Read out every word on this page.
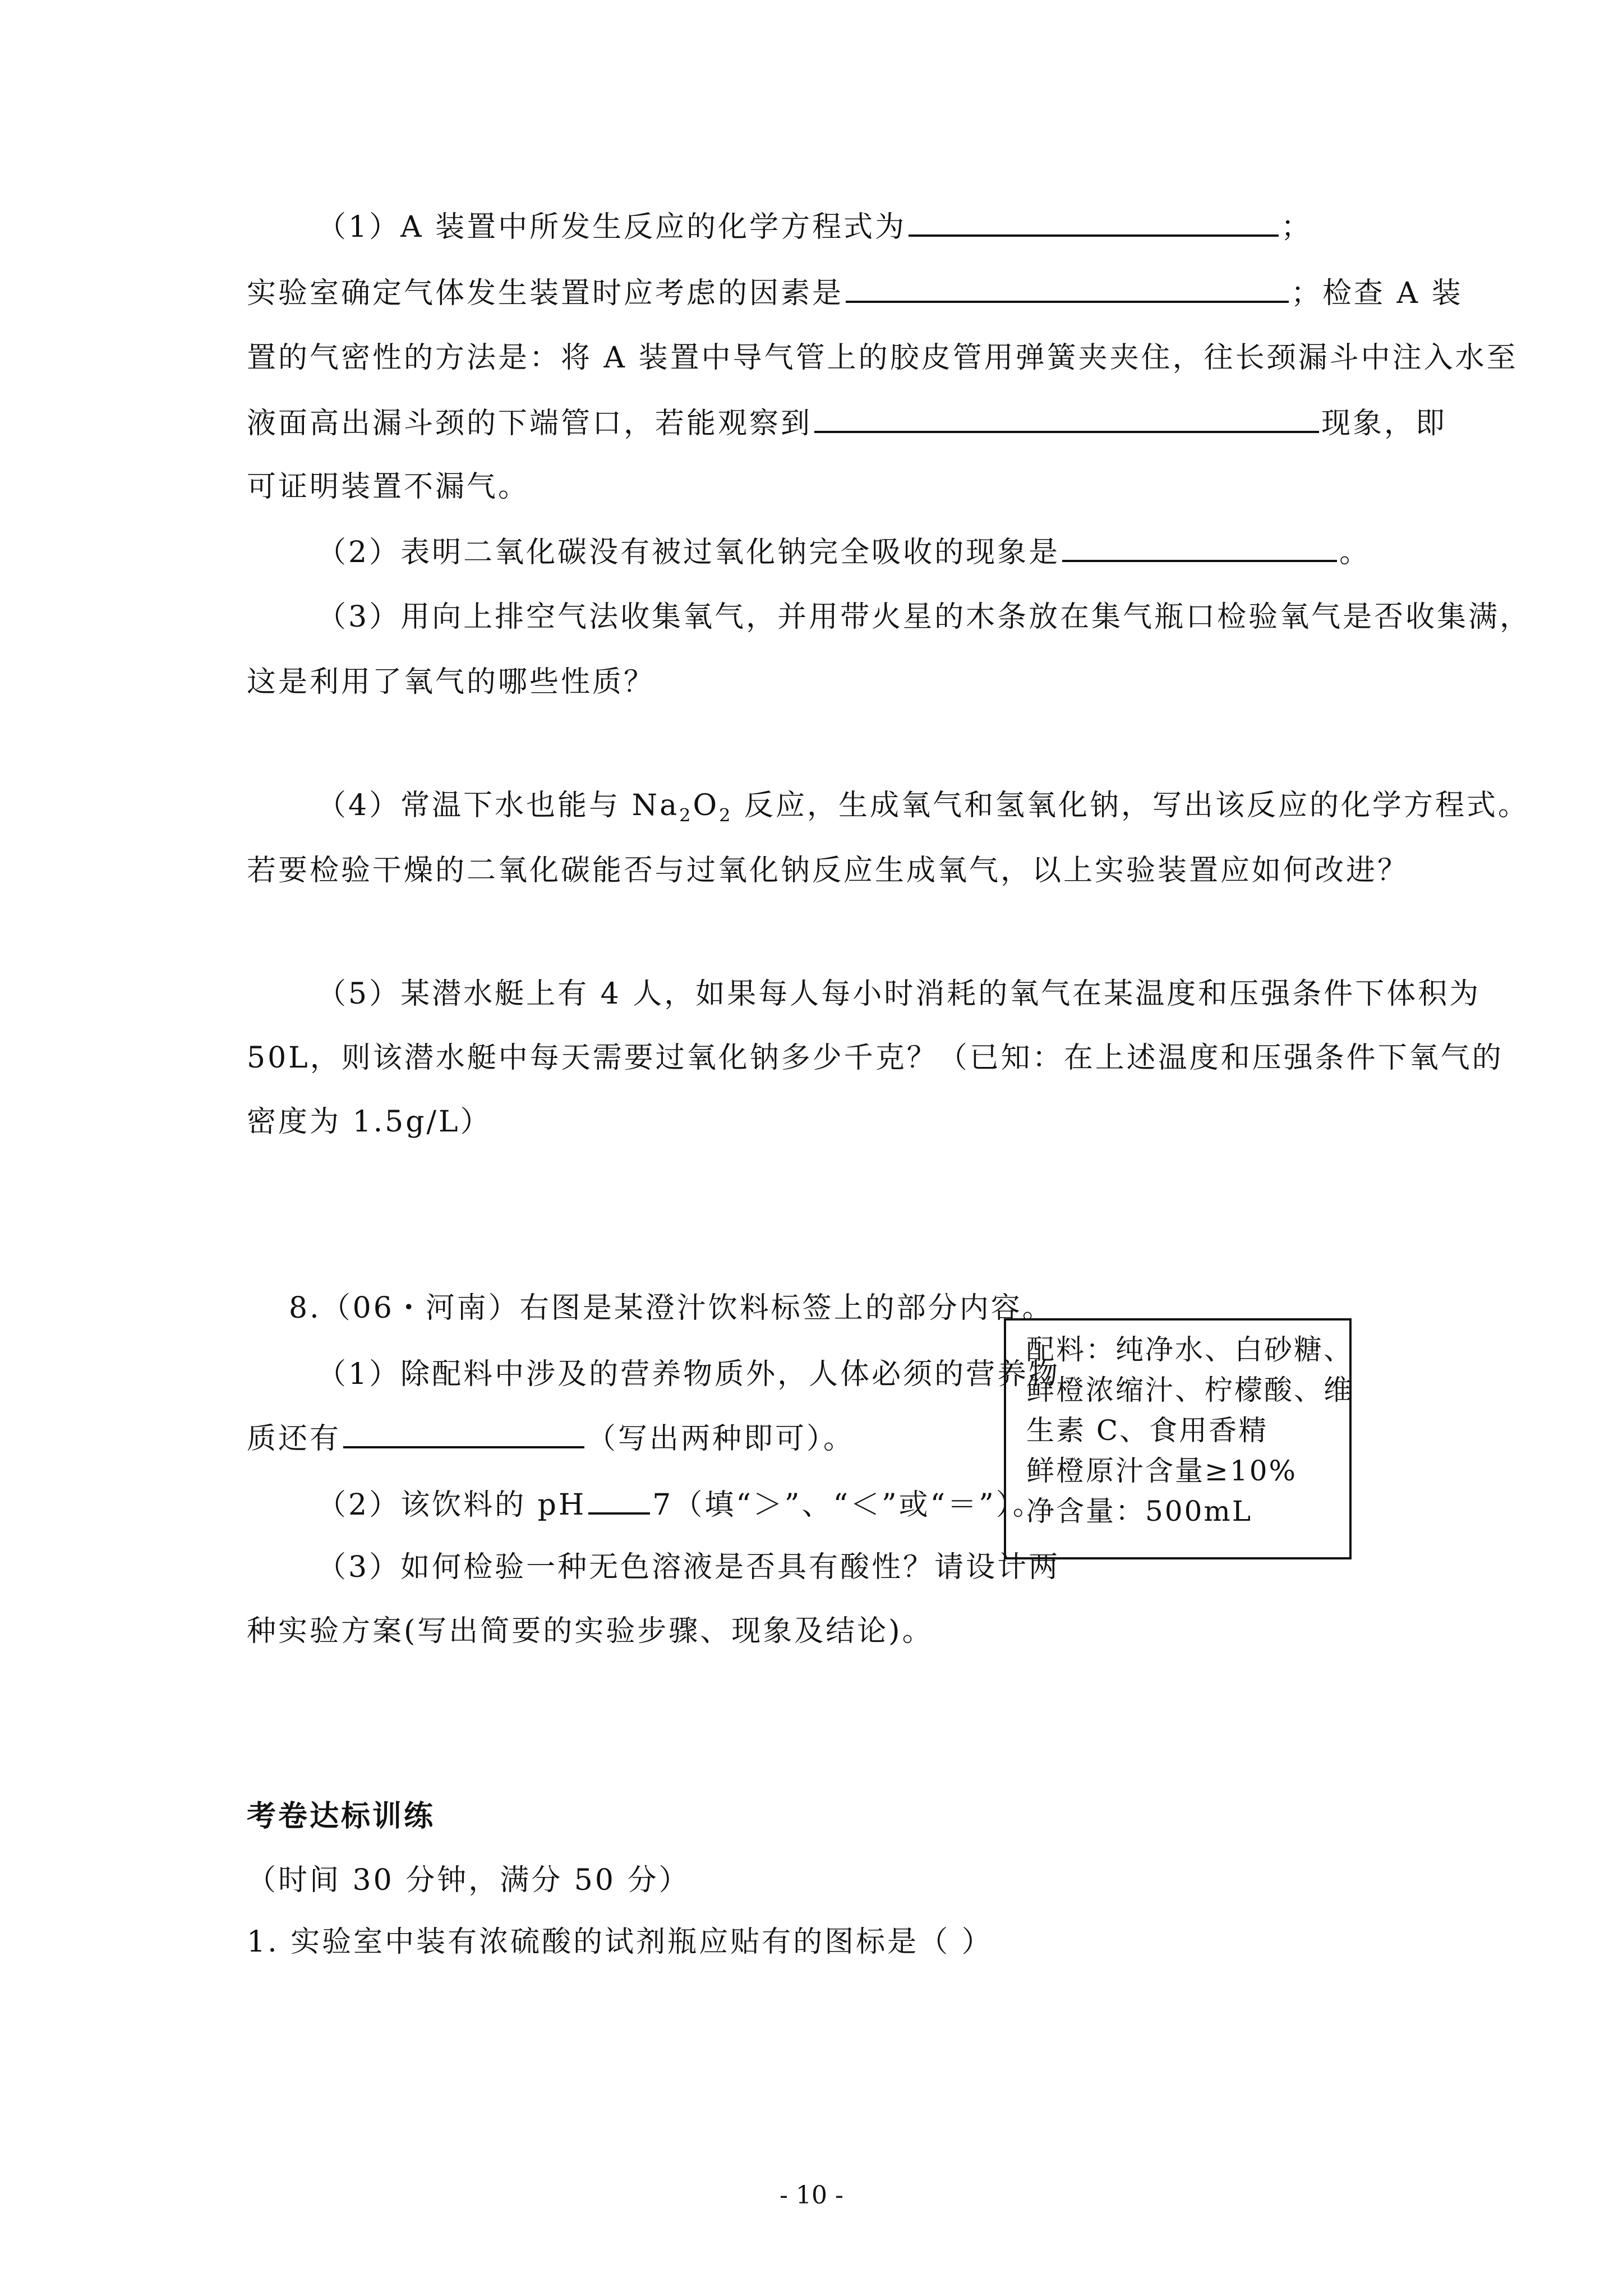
（1）A 装置中所发生反应的化学方程式为	；
实验室确定气体发生装置时应考虑的因素是	；检查 A 装
置的气密性的方法是：将 A 装置中导气管上的胶皮管用弹簧夹夹住，往长颈漏斗中注入水至
液面高出漏斗颈的下端管口，若能观察到	现象，即
可证明装置不漏气。
（2）表明二氧化碳没有被过氧化钠完全吸收的现象是	。
（3）用向上排空气法收集氧气，并用带火星的木条放在集气瓶口检验氧气是否收集满，
这是利用了氧气的哪些性质？
（4）常温下水也能与 $Na_2O_2$ 反应，生成氧气和氢氧化钠，写出该反应的化学方程式。
若要检验干燥的二氧化碳能否与过氧化钠反应生成氧气，以上实验装置应如何改进？
（5）某潜水艇上有 4 人，如果每人每小时消耗的氧气在某温度和压强条件下体积为
50L，则该潜水艇中每天需要过氧化钠多少千克？（已知：在上述温度和压强条件下氧气的
密度为 1.5g/L）
8.（06・河南）右图是某澄汁饮料标签上的部分内容。
（1）除配料中涉及的营养物质外，人体必须的营养物
质还有	（写出两种即可）。
（2）该饮料的 pH 7（填“＞”、“＜”或“＝”）。
（3）如何检验一种无色溶液是否具有酸性？请设计两
种实验方案(写出简要的实验步骤、现象及结论)。
配料：纯净水、白砂糖、
鲜橙浓缩汁、柠檬酸、维
生素 C、食用香精
鲜橙原汁含量≥10%
净含量：500mL
考卷达标训练
（时间 30 分钟，满分 50 分）
1. 实验室中装有浓硫酸的试剂瓶应贴有的图标是（ ）
- 10 -
